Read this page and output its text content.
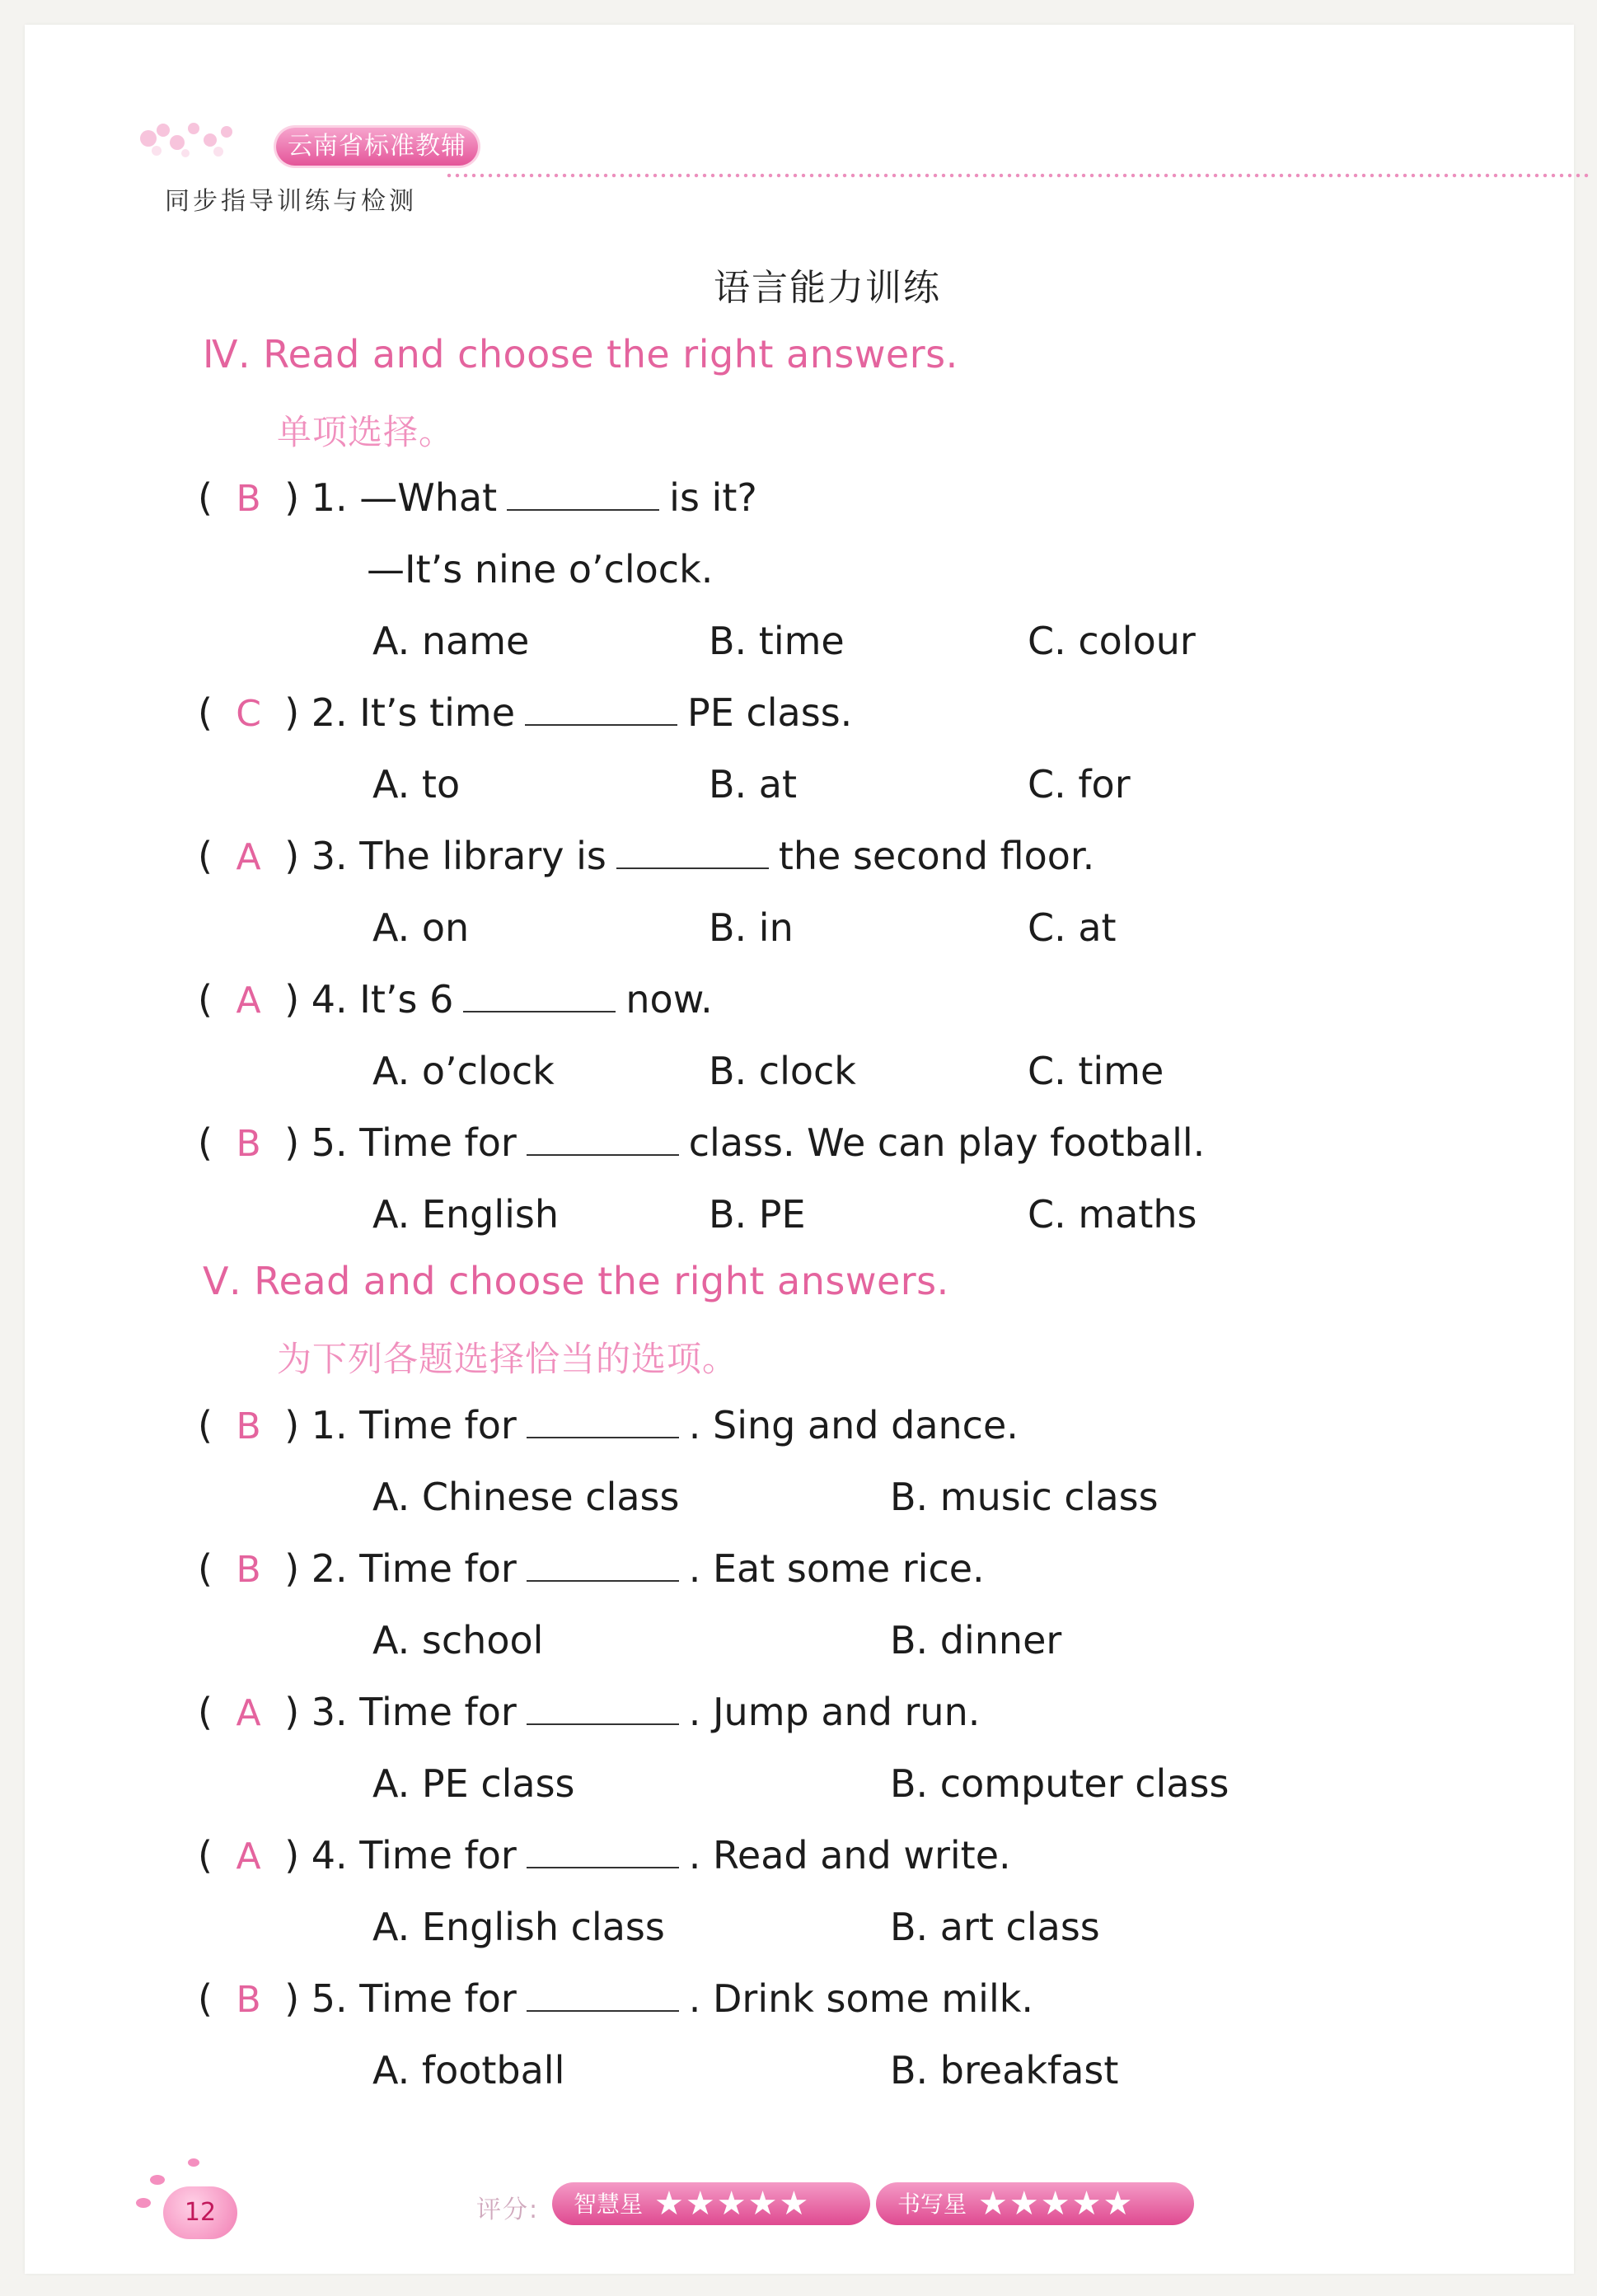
云南省标准教辅
同步指导训练与检测
语言能力训练
Ⅳ. Read and choose the right answers.
单项选择。
( B ) 1. —What	is it?
—It’s nine o’clock.
A. name	B. time	C. colour
( C ) 2. It’s time	PE class.
A. to	B. at	C. for
( A ) 3. The library is	the second floor.
A. on	B. in	C. at
( A ) 4. It’s 6	now.
A. o’clock	B. clock	C. time
( B ) 5. Time for	class. We can play football.
A. English	B. PE	C. maths
Ⅴ. Read and choose the right answers.
为下列各题选择恰当的选项。
( B ) 1. Time for	. Sing and dance.
A. Chinese class	B. music class
( B ) 2. Time for	. Eat some rice.
A. school	B. dinner
( A ) 3. Time for	. Jump and run.
A. PE class	B. computer class
( A ) 4. Time for	. Read and write.
A. English class	B. art class
( B ) 5. Time for	. Drink some milk.
A. football	B. breakfast
12	评分:	智慧星 ★★★★★	书写星 ★★★★★
